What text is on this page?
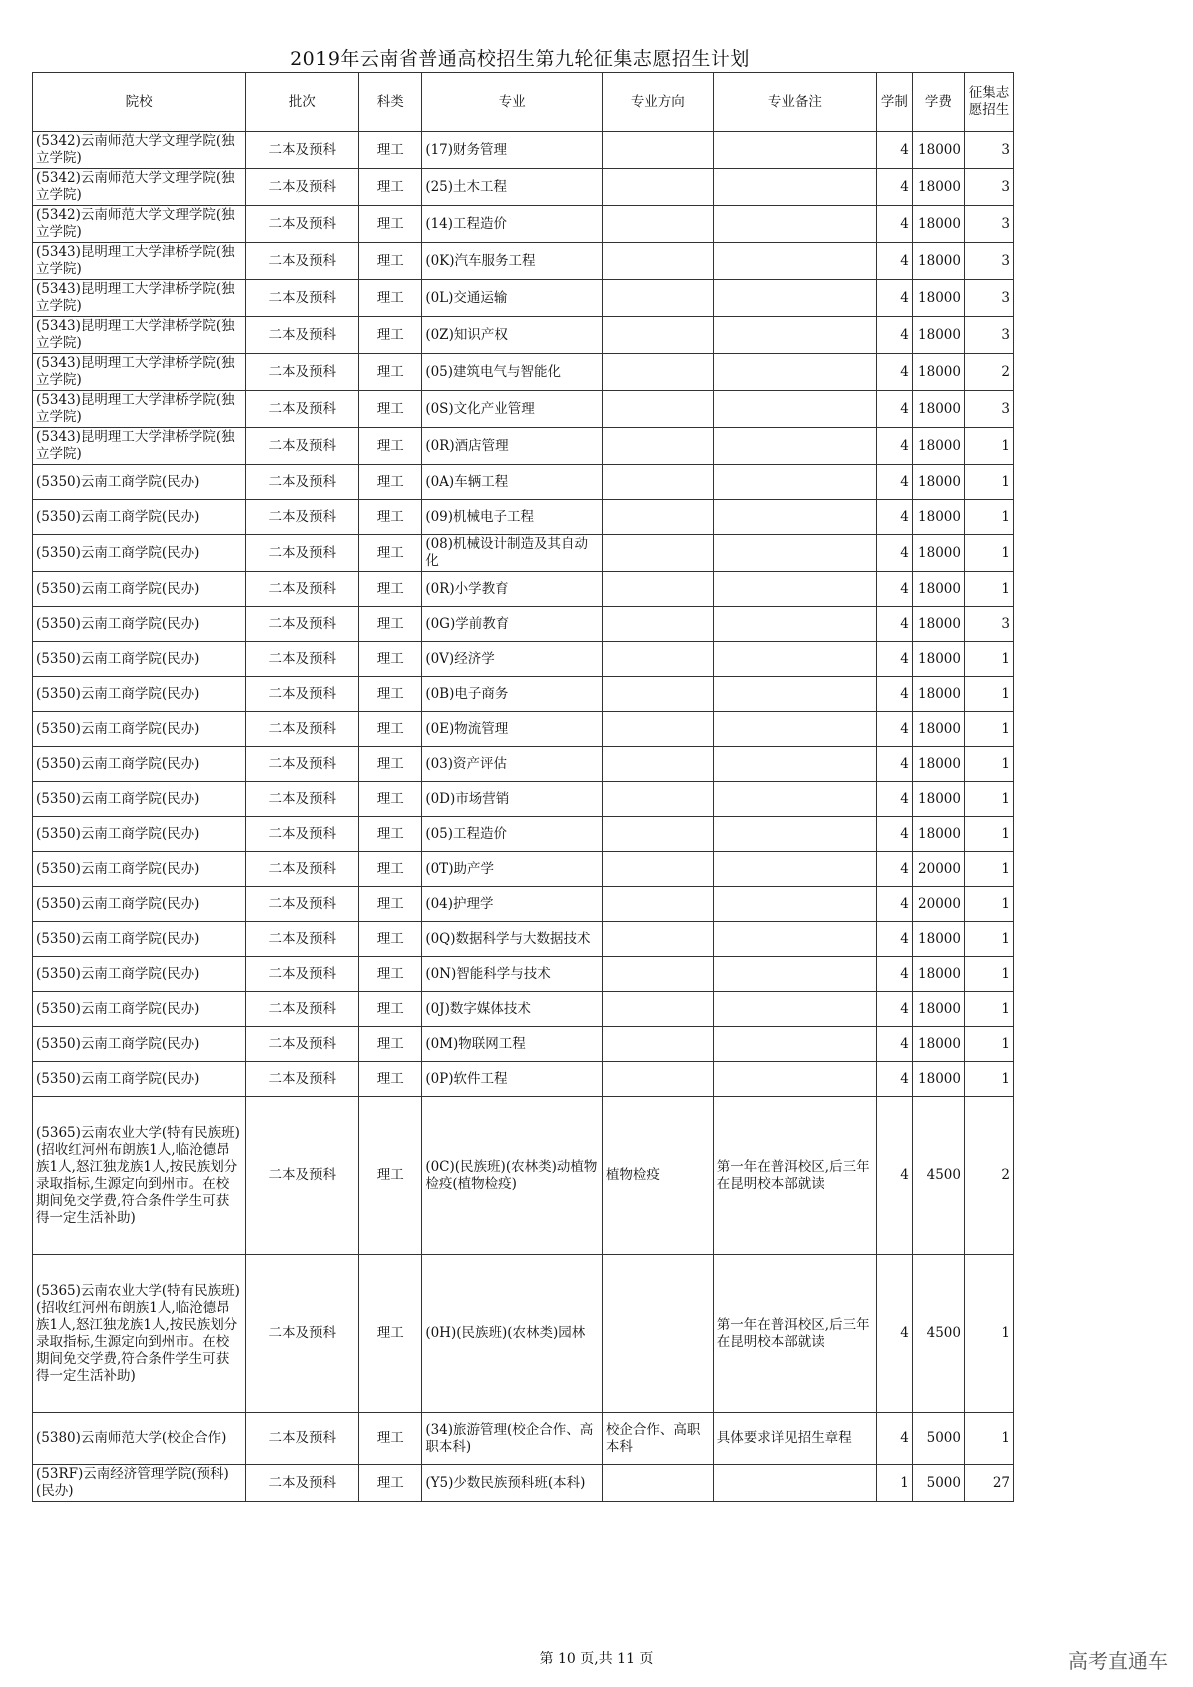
2019年云南省普通高校招生第九轮征集志愿招生计划
院校	批次	科类	专业	专业方向	专业备注	学制	学费	征集志愿招生
(5342)云南师范大学文理学院(独立学院)	二本及预科	理工	(17)财务管理			4	18000	3
(5342)云南师范大学文理学院(独立学院)	二本及预科	理工	(25)土木工程			4	18000	3
(5342)云南师范大学文理学院(独立学院)	二本及预科	理工	(14)工程造价			4	18000	3
(5343)昆明理工大学津桥学院(独立学院)	二本及预科	理工	(0K)汽车服务工程			4	18000	3
(5343)昆明理工大学津桥学院(独立学院)	二本及预科	理工	(0L)交通运输			4	18000	3
(5343)昆明理工大学津桥学院(独立学院)	二本及预科	理工	(0Z)知识产权			4	18000	3
(5343)昆明理工大学津桥学院(独立学院)	二本及预科	理工	(05)建筑电气与智能化			4	18000	2
(5343)昆明理工大学津桥学院(独立学院)	二本及预科	理工	(0S)文化产业管理			4	18000	3
(5343)昆明理工大学津桥学院(独立学院)	二本及预科	理工	(0R)酒店管理			4	18000	1
(5350)云南工商学院(民办)	二本及预科	理工	(0A)车辆工程			4	18000	1
(5350)云南工商学院(民办)	二本及预科	理工	(09)机械电子工程			4	18000	1
(5350)云南工商学院(民办)	二本及预科	理工	(08)机械设计制造及其自动化			4	18000	1
(5350)云南工商学院(民办)	二本及预科	理工	(0R)小学教育			4	18000	1
(5350)云南工商学院(民办)	二本及预科	理工	(0G)学前教育			4	18000	3
(5350)云南工商学院(民办)	二本及预科	理工	(0V)经济学			4	18000	1
(5350)云南工商学院(民办)	二本及预科	理工	(0B)电子商务			4	18000	1
(5350)云南工商学院(民办)	二本及预科	理工	(0E)物流管理			4	18000	1
(5350)云南工商学院(民办)	二本及预科	理工	(03)资产评估			4	18000	1
(5350)云南工商学院(民办)	二本及预科	理工	(0D)市场营销			4	18000	1
(5350)云南工商学院(民办)	二本及预科	理工	(05)工程造价			4	18000	1
(5350)云南工商学院(民办)	二本及预科	理工	(0T)助产学			4	20000	1
(5350)云南工商学院(民办)	二本及预科	理工	(04)护理学			4	20000	1
(5350)云南工商学院(民办)	二本及预科	理工	(0Q)数据科学与大数据技术			4	18000	1
(5350)云南工商学院(民办)	二本及预科	理工	(0N)智能科学与技术			4	18000	1
(5350)云南工商学院(民办)	二本及预科	理工	(0J)数字媒体技术			4	18000	1
(5350)云南工商学院(民办)	二本及预科	理工	(0M)物联网工程			4	18000	1
(5350)云南工商学院(民办)	二本及预科	理工	(0P)软件工程			4	18000	1
(5365)云南农业大学(特有民族班)(招收红河州布朗族1人,临沧德昂族1人,怒江独龙族1人,按民族划分录取指标,生源定向到州市。在校期间免交学费,符合条件学生可获得一定生活补助)	二本及预科	理工	(0C)(民族班)(农林类)动植物检疫(植物检疫)	植物检疫	第一年在普洱校区,后三年在昆明校本部就读	4	4500	2
(5365)云南农业大学(特有民族班)(招收红河州布朗族1人,临沧德昂族1人,怒江独龙族1人,按民族划分录取指标,生源定向到州市。在校期间免交学费,符合条件学生可获得一定生活补助)	二本及预科	理工	(0H)(民族班)(农林类)园林		第一年在普洱校区,后三年在昆明校本部就读	4	4500	1
(5380)云南师范大学(校企合作)	二本及预科	理工	(34)旅游管理(校企合作、高职本科)	校企合作、高职本科	具体要求详见招生章程	4	5000	1
(53RF)云南经济管理学院(预科)(民办)	二本及预科	理工	(Y5)少数民族预科班(本科)			1	5000	27
第 10 页,共 11 页	高考直通车
